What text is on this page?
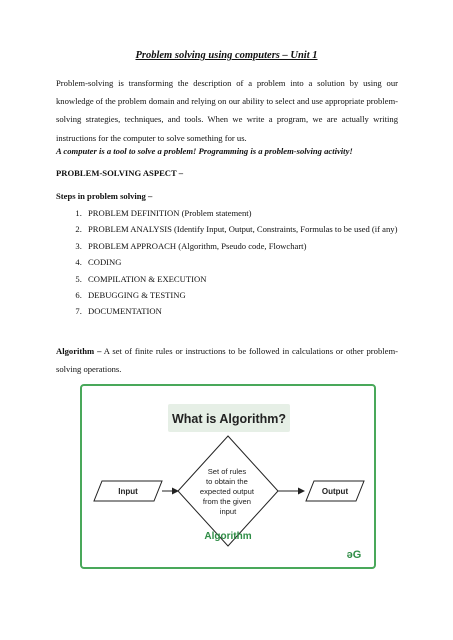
Problem solving using computers – Unit 1
Problem-solving is transforming the description of a problem into a solution by using our knowledge of the problem domain and relying on our ability to select and use appropriate problem-solving strategies, techniques, and tools. When we write a program, we are actually writing instructions for the computer to solve something for us.
A computer is a tool to solve a problem! Programming is a problem-solving activity!
PROBLEM-SOLVING ASPECT –
Steps in problem solving –
1. PROBLEM DEFINITION (Problem statement)
2. PROBLEM ANALYSIS (Identify Input, Output, Constraints, Formulas to be used (if any)
3. PROBLEM APPROACH (Algorithm, Pseudo code, Flowchart)
4. CODING
5. COMPILATION & EXECUTION
6. DEBUGGING & TESTING
7. DOCUMENTATION
Algorithm – A set of finite rules or instructions to be followed in calculations or other problem-solving operations.
What is Algorithm?
Input
Set of rules to obtain the expected output from the given input
Output
Algorithm
əG
